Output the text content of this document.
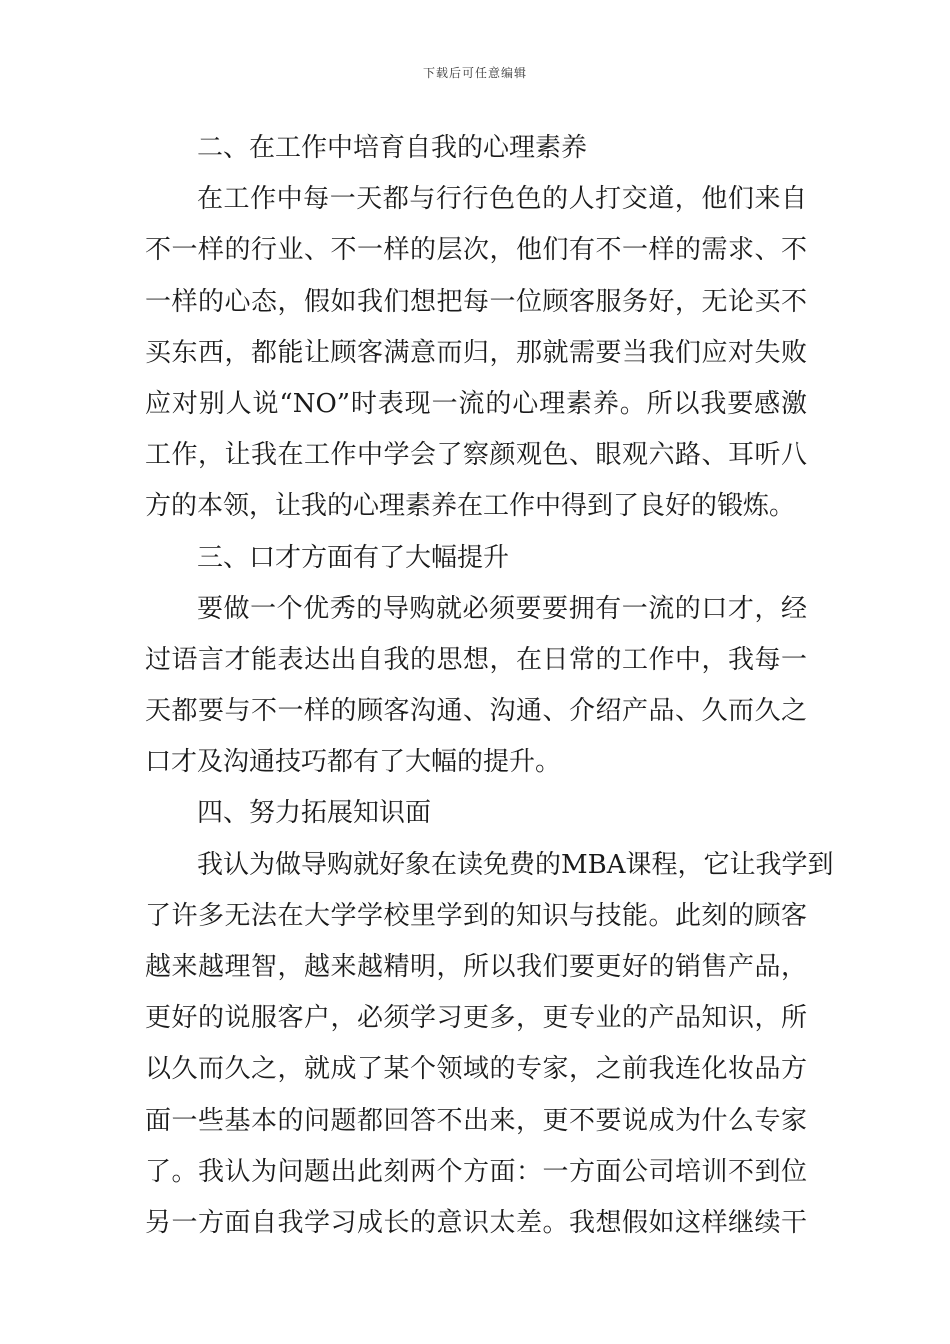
下载后可任意编辑
二、在工作中培育自我的心理素养
在工作中每一天都与行行色色的人打交道，他们来自
不一样的行业、不一样的层次，他们有不一样的需求、不
一样的心态，假如我们想把每一位顾客服务好，无论买不
买东西，都能让顾客满意而归，那就需要当我们应对失败
应对别人说“NO”时表现一流的心理素养。所以我要感激
工作，让我在工作中学会了察颜观色、眼观六路、耳听八
方的本领，让我的心理素养在工作中得到了良好的锻炼。
三、口才方面有了大幅提升
要做一个优秀的导购就必须要要拥有一流的口才，经
过语言才能表达出自我的思想，在日常的工作中，我每一
天都要与不一样的顾客沟通、沟通、介绍产品、久而久之
口才及沟通技巧都有了大幅的提升。
四、努力拓展知识面
我认为做导购就好象在读免费的MBA课程，它让我学到
了许多无法在大学学校里学到的知识与技能。此刻的顾客
越来越理智，越来越精明，所以我们要更好的销售产品，
更好的说服客户，必须学习更多，更专业的产品知识，所
以久而久之，就成了某个领域的专家，之前我连化妆品方
面一些基本的问题都回答不出来，更不要说成为什么专家
了。我认为问题出此刻两个方面：一方面公司培训不到位
另一方面自我学习成长的意识太差。我想假如这样继续干
